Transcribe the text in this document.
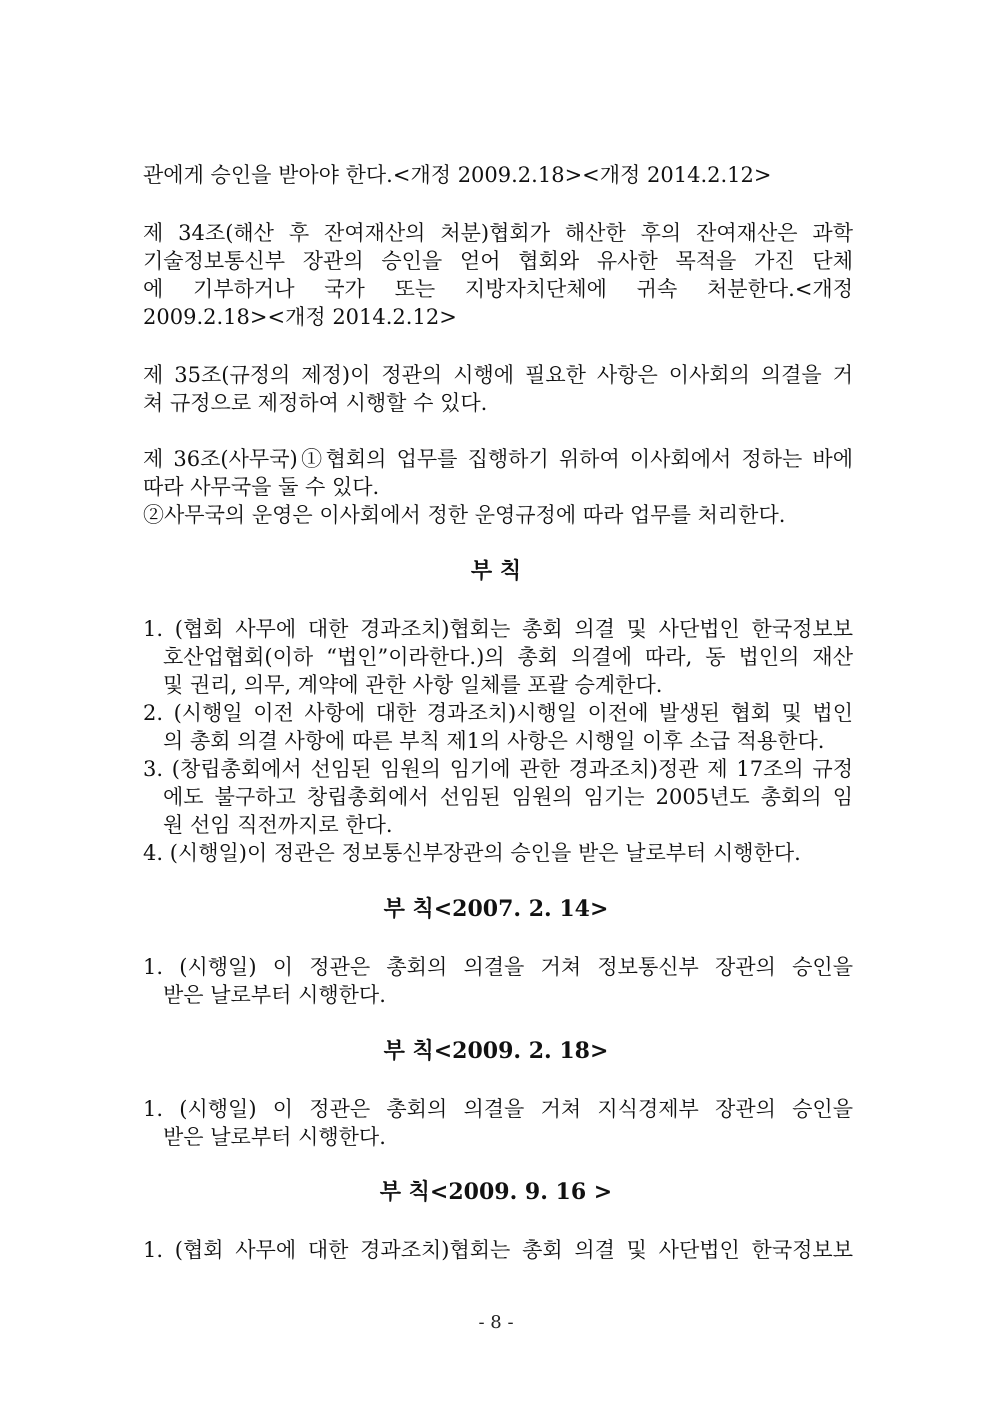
관에게 승인을 받아야 한다.<개정 2009.2.18><개정 2014.2.12>
제 34조(해산 후 잔여재산의 처분)협회가 해산한 후의 잔여재산은 과학
기술정보통신부 장관의 승인을 얻어 협회와 유사한 목적을 가진 단체
에 기부하거나 국가 또는 지방자치단체에 귀속 처분한다.<개정
2009.2.18><개정 2014.2.12>
제 35조(규정의 제정)이 정관의 시행에 필요한 사항은 이사회의 의결을 거
쳐 규정으로 제정하여 시행할 수 있다.
제 36조(사무국)①협회의 업무를 집행하기 위하여 이사회에서 정하는 바에
따라 사무국을 둘 수 있다.
②사무국의 운영은 이사회에서 정한 운영규정에 따라 업무를 처리한다.
부 칙
1. (협회 사무에 대한 경과조치)협회는 총회 의결 및 사단법인 한국정보보
호산업협회(이하 “법인”이라한다.)의 총회 의결에 따라, 동 법인의 재산
및 권리, 의무, 계약에 관한 사항 일체를 포괄 승계한다.
2. (시행일 이전 사항에 대한 경과조치)시행일 이전에 발생된 협회 및 법인
의 총회 의결 사항에 따른 부칙 제1의 사항은 시행일 이후 소급 적용한다.
3. (창립총회에서 선임된 임원의 임기에 관한 경과조치)정관 제 17조의 규정
에도 불구하고 창립총회에서 선임된 임원의 임기는 2005년도 총회의 임
원 선임 직전까지로 한다.
4. (시행일)이 정관은 정보통신부장관의 승인을 받은 날로부터 시행한다.
부 칙<2007. 2. 14>
1. (시행일) 이 정관은 총회의 의결을 거쳐 정보통신부 장관의 승인을
받은 날로부터 시행한다.
부 칙<2009. 2. 18>
1. (시행일) 이 정관은 총회의 의결을 거쳐 지식경제부 장관의 승인을
받은 날로부터 시행한다.
부 칙<2009. 9. 16 >
1. (협회 사무에 대한 경과조치)협회는 총회 의결 및 사단법인 한국정보보
- 8 -
